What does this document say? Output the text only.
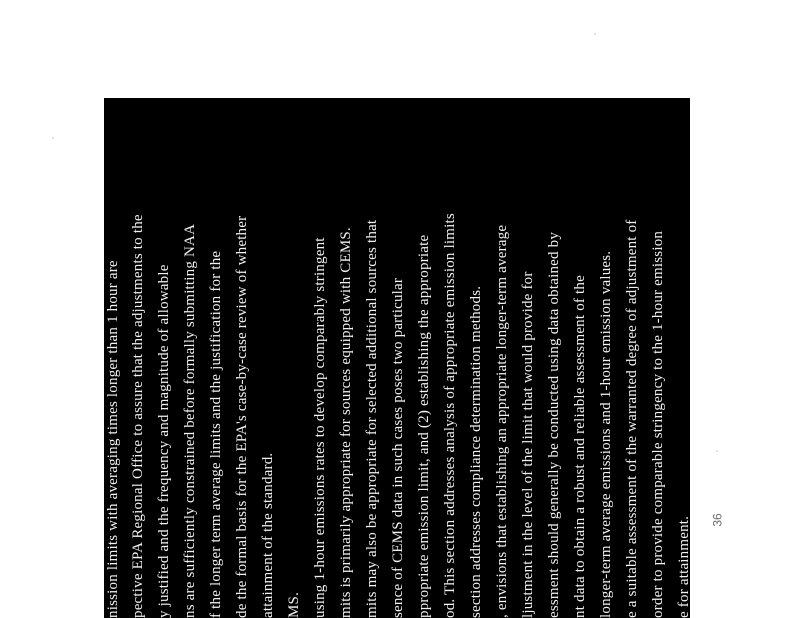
nission limits with averaging times longer than 1 hour are pective EPA Regional Office to assure that the adjustments to the y justified and the frequency and magnitude of allowable ns are sufficiently constrained before formally submitting NAA f the longer term average limits and the justification for the de the formal basis for the EPA's case-by-case review of whether attainment of the standard. MS. using 1-hour emissions rates to develop comparably stringent mits is primarily appropriate for sources equipped with CEMS. mits may also be appropriate for selected additional sources that sence of CEMS data in such cases poses two particular ppropriate emission limit, and (2) establishing the appropriate od. This section addresses analysis of appropriate emission limits section addresses compliance determination methods. , envisions that establishing an appropriate longer-term average ljustment in the level of the limit that would provide for essment should generally be conducted using data obtained by nt data to obtain a robust and reliable assessment of the longer-term average emissions and 1-hour emission values. e a suitable assessment of the warranted degree of adjustment of order to provide comparable stringency to the 1-hour emission e for attainment. 36
